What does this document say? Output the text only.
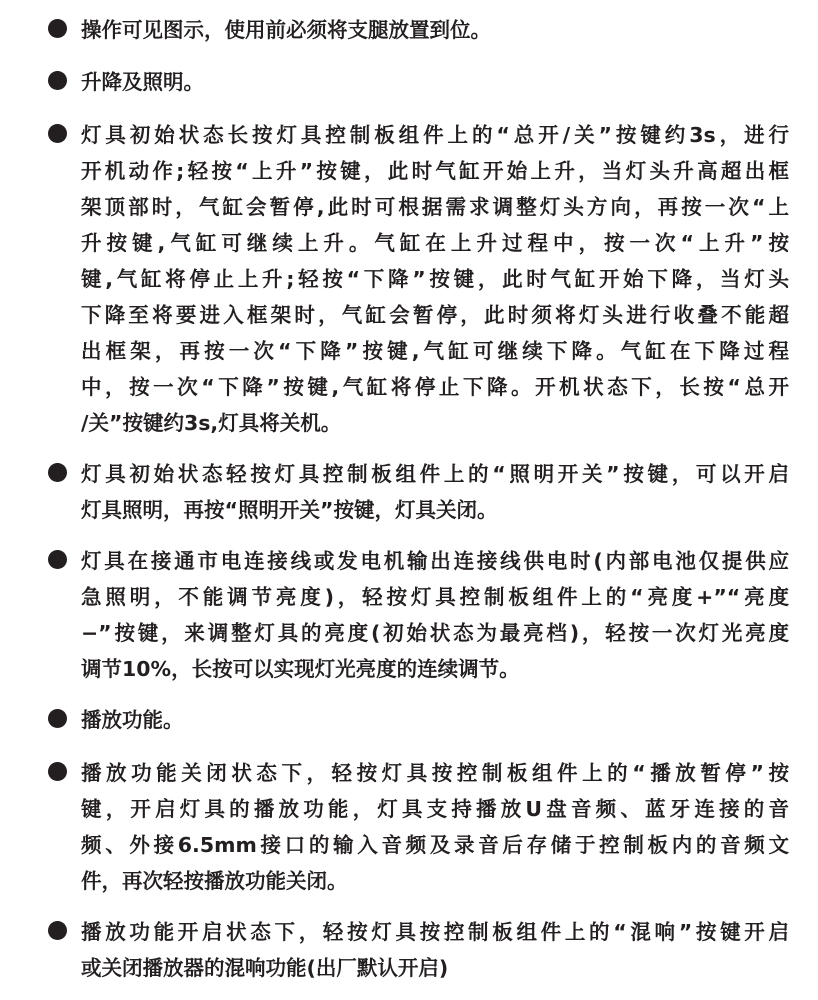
操作可见图示，使用前必须将支腿放置到位。
升降及照明。
灯具初始状态长按灯具控制板组件上的“总开/关”按键约3s，进行
开机动作;轻按“上升”按键，此时气缸开始上升，当灯头升高超出框
架顶部时，气缸会暂停,此时可根据需求调整灯头方向，再按一次“上
升按键,气缸可继续上升。气缸在上升过程中，按一次“上升”按
键,气缸将停止上升;轻按“下降”按键，此时气缸开始下降，当灯头
下降至将要进入框架时，气缸会暂停，此时须将灯头进行收叠不能超
出框架，再按一次“下降”按键,气缸可继续下降。气缸在下降过程
中，按一次“下降”按键,气缸将停止下降。开机状态下，长按“总开
/关”按键约3s,灯具将关机。
灯具初始状态轻按灯具控制板组件上的“照明开关”按键，可以开启
灯具照明，再按“照明开关”按键，灯具关闭。
灯具在接通市电连接线或发电机输出连接线供电时(内部电池仅提供应
急照明，不能调节亮度)，轻按灯具控制板组件上的“亮度+”“亮度
−”按键，来调整灯具的亮度(初始状态为最亮档)，轻按一次灯光亮度
调节10%，长按可以实现灯光亮度的连续调节。
播放功能。
播放功能关闭状态下，轻按灯具按控制板组件上的“播放暂停”按
键，开启灯具的播放功能，灯具支持播放U盘音频、蓝牙连接的音
频、外接6.5mm接口的输入音频及录音后存储于控制板内的音频文
件，再次轻按播放功能关闭。
播放功能开启状态下，轻按灯具按控制板组件上的“混响”按键开启
或关闭播放器的混响功能(出厂默认开启)
